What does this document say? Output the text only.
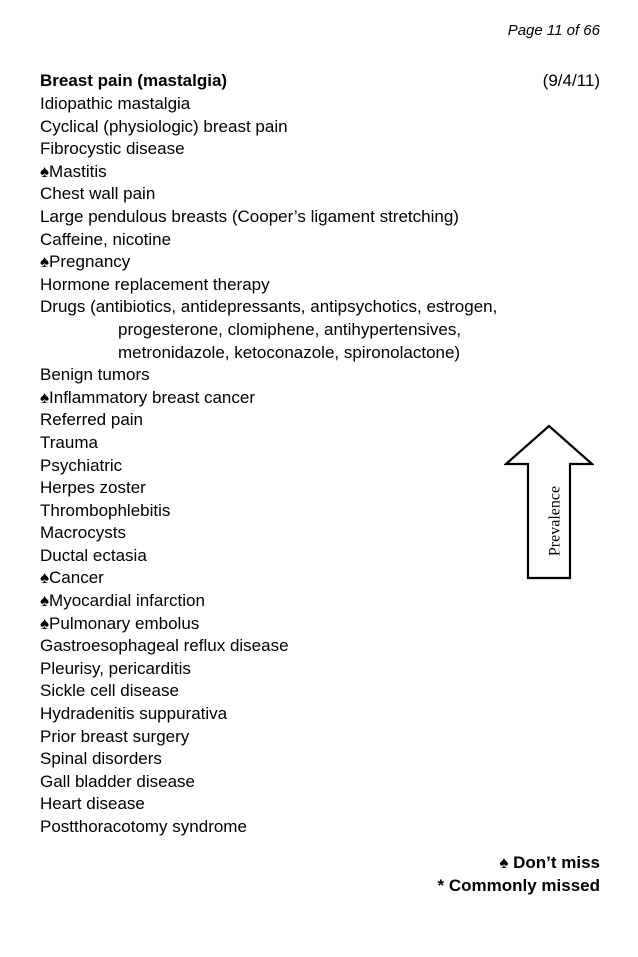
Page 11 of 66
Breast pain (mastalgia)	(9/4/11)
Idiopathic mastalgia
Cyclical (physiologic) breast pain
Fibrocystic disease
♠Mastitis
Chest wall pain
Large pendulous breasts (Cooper’s ligament stretching)
Caffeine, nicotine
♠Pregnancy
Hormone replacement therapy
Drugs (antibiotics, antidepressants, antipsychotics, estrogen,
progesterone, clomiphene, antihypertensives,
metronidazole, ketoconazole, spironolactone)
Benign tumors
♠Inflammatory breast cancer
Referred pain
Trauma
Psychiatric
Herpes zoster
Thrombophlebitis
Macrocysts
Ductal ectasia
♠Cancer
♠Myocardial infarction
♠Pulmonary embolus
Gastroesophageal reflux disease
Pleurisy, pericarditis
Sickle cell disease
Hydradenitis suppurativa
Prior breast surgery
Spinal disorders
Gall bladder disease
Heart disease
Postthoracotomy syndrome
Prevalence
♠ Don’t miss
* Commonly missed
